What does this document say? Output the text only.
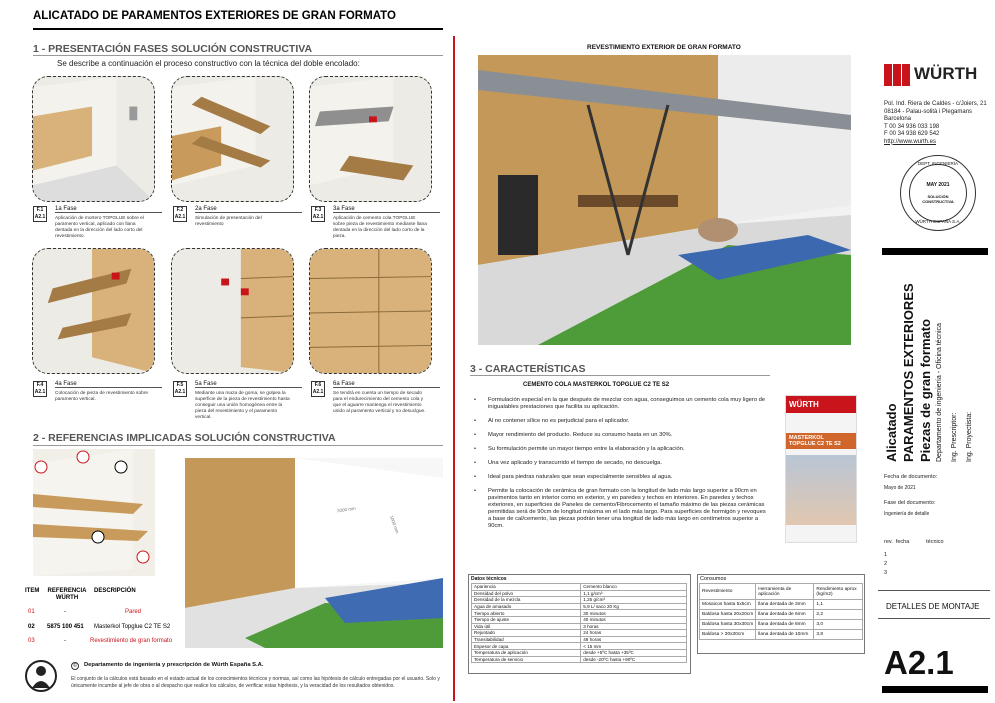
ALICATADO DE PARAMENTOS EXTERIORES DE GRAN FORMATO
1 - PRESENTACIÓN FASES SOLUCIÓN CONSTRUCTIVA
Se describe a continuación el proceso constructivo con la técnica del doble encolado:
F.1
A2.1
1a Fase
Aplicación de mortero TOPGLUE sobre el paramento vertical, aplicado con llana dentada en la dirección del lado corto del revestimiento.
F.2
A2.1
2a Fase
Simulación de presentación del revestimiento
F.3
A2.1
3a Fase
Aplicación de cemento cola TOPGLUE sobre pieza de revestimiento mediante llana dentada en la dirección del lado corto de la pieza.
F.4
A2.1
4a Fase
Colocación de pieza de revestimiento sobre paramento vertical.
F.5
A2.1
5a Fase
Mediante una maza de goma, se golpea la superficie de la pieza de revestimiento hasta conseguir una unión homogénea entre la pieza del revestimiento y el paramento vertical.
F.6
A2.1
6a Fase
Se tendrá en cuenta un tiempo de secado para el endurecimiento del cemento cola y que el aguarre mantenga el revestimiento unido al paramento vertical y no desuclgue.
2 - REFERENCIAS IMPLICADAS SOLUCIÓN CONSTRUCTIVA
2000 mm
1000 mm
ITEM REFERENCIA WÜRTH
DESCRIPCIÓN
01	-	Pared
02 5875 100 451 Masterkol Topglue C2 TE S2
03	-	Revestimiento de gran formato
©	Departamento de ingeniería y prescripción de Würth España S.A.
El conjunto de la cálculos está basado en el estado actual de los conocimientos técnicos y normas, así como las hipótesis de cálculo entregadas por el usuario. Solo y únicamente incumbe al jefe de obra o al despacho que realice los cálculos, de verificar estas hipótesis, y la veracidad de los resultados obtenidos.
REVESTIMIENTO EXTERIOR DE GRAN FORMATO
3 - CARACTERÍSTICAS
CEMENTO COLA MASTERKOL TOPGLUE C2 TE S2
• Formulación especial en la que después de mezclar con agua, conseguimos un cemento cola muy ligero de inigualables prestaciones que facilita su aplicación.
• Al no contener sílice no es perjudicial para el aplicador.
• Mayor rendimiento del producto. Reduce su consumo hasta en un 30%.
• Su formulación permite un mayor tiempo entre la elaboración y la aplicación.
• Una vez aplicado y transcurrido el tiempo de secado, no descuelga.
• Ideal para piedras naturales que sean especialmente sensibles al agua.
• Permite la colocación de cerámica de gran formato con la longitud de lado más largo superior a 90cm en pavimentos tanto en interior como en exterior, y en paredes y techos en interiores. En paredes y techos exteriores, en superficies de Paneles de cemento/Fibrocemento el tamaño máximo de las piezas cerámicas permitidas será de 90cm de longitud máxima en el lado más largo. Para superficies de hormigón y revoques a base de cal/cemento, las piezas podrán tener una longitud de lado más largo en centímetros superior a 90cm.
WÜRTH
MASTERKOL
TOPGLUE C2 TE S2
Datos técnicos
Apariencia	Cemento blanco
Densidad del polvo	1,1 g/cm³
Densidad de la mezcla	1,25 g/cm³
Agua de amasado	5,9 L/ saco 20 Kg
Tiempo abierto	30 minutos
Tiempo de ajuste	40 minutos
Vida útil	3 horas
Rejuntado	24 horas
Transitabilidad	48 horas
Espesor de capa	< 15 mm
Temperatura de aplicación	desde +5ºC hasta +35ºC
Temperatura de servicio	desde -20ºC hasta +90ºC
Consumos
Revestimiento	Herramienta de aplicación	Rendimiento aprox (kg/m2)
Mosaicos hasta 5x5cm	llana dentada de 3mm	1,1
Baldosa hasta 20x20cm	llana dentada de 6mm	2,2
Baldosa hasta 30x30cm	llana dentada de 8mm	3,0
Baldosa > 30x30cm	llana dentada de 10mm	3,8
WÜRTH
Pol. Ind. Riera de Caldes - c/Joiers, 21
08184 - Palau-solità i Plegamans
Barcelona
T 00 34 936 033 198
F 00 34 938 629 542
http://www.wurth.es
DEPT. INGENIERÍA
MAY 2021
SOLUCIÓN
CONSTRUCTIVA
WÜRTH ESPAÑA S.A.
Alicatado PARAMENTOS EXTERIORES Piezas de gran formato Departamento de ingeniería - Oficina técnica Ing. Prescriptor: Ing. Proyectista:
Fecha de documento:
Mayo de 2021
Fase del documento:
Ingeniería de detalle
rev. fecha	técnico
1
2
3
DETALLES DE MONTAJE
A2.1
